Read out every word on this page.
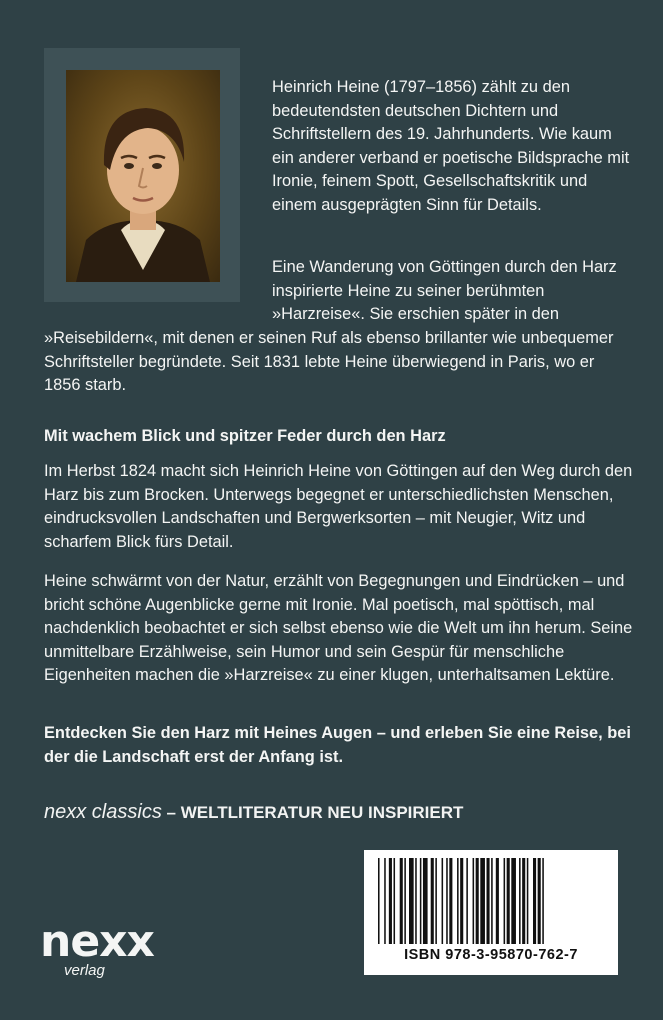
Heinrich Heine (1797–1856) zählt zu den bedeutendsten deutschen Dichtern und Schriftstellern des 19. Jahrhunderts. Wie kaum ein anderer verband er poetische Bildsprache mit Ironie, feinem Spott, Gesellschaftskritik und einem ausgeprägten Sinn für Details.
Eine Wanderung von Göttingen durch den Harz inspirierte Heine zu seiner berühmten »Harzreise«. Sie erschien später in den
»Reisebildern«, mit denen er seinen Ruf als ebenso brillanter wie unbequemer Schriftsteller begründete. Seit 1831 lebte Heine überwiegend in Paris, wo er 1856 starb.
Mit wachem Blick und spitzer Feder durch den Harz
Im Herbst 1824 macht sich Heinrich Heine von Göttingen auf den Weg durch den Harz bis zum Brocken. Unterwegs begegnet er unterschiedlichsten Menschen, eindrucksvollen Landschaften und Bergwerksorten – mit Neugier, Witz und scharfem Blick fürs Detail.
Heine schwärmt von der Natur, erzählt von Begegnungen und Eindrücken – und bricht schöne Augenblicke gerne mit Ironie. Mal poetisch, mal spöttisch, mal nachdenklich beobachtet er sich selbst ebenso wie die Welt um ihn herum. Seine unmittelbare Erzählweise, sein Humor und sein Gespür für menschliche Eigenheiten machen die »Harzreise« zu einer klugen, unterhaltsamen Lektüre.
Entdecken Sie den Harz mit Heines Augen – und erleben Sie eine Reise, bei der die Landschaft erst der Anfang ist.
nexx classics – WELTLITERATUR NEU INSPIRIERT
ISBN 978-3-95870-762-7
nexx
verlag
